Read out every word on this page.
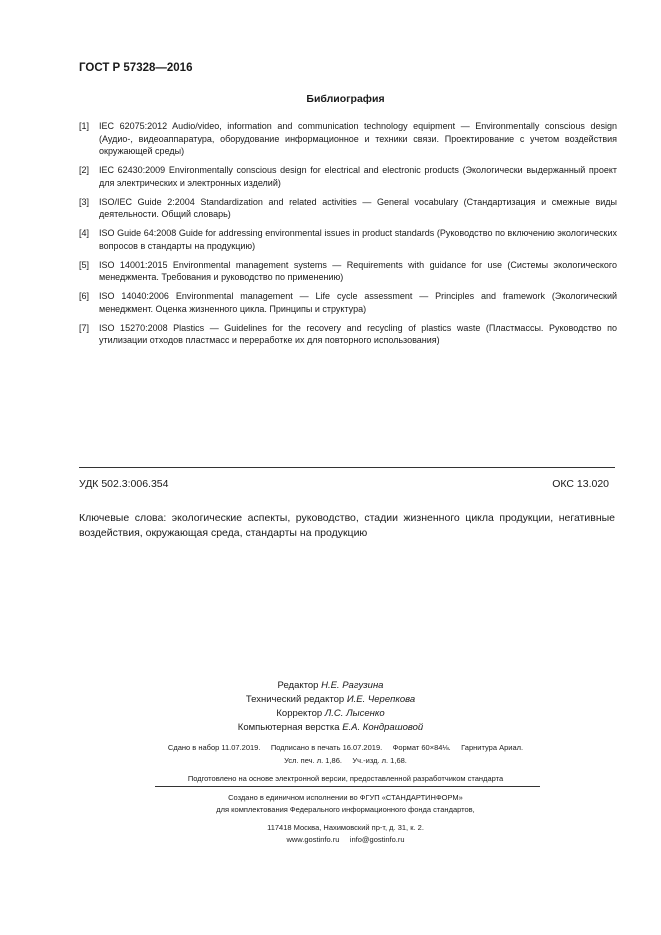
ГОСТ Р 57328—2016
Библиография
[1]	IEC 62075:2012 Audio/video, information and communication technology equipment — Environmentally conscious design (Аудио-, видеоаппаратура, оборудование информационное и техники связи. Проектирование с учетом воздействия окружающей среды)
[2]	IEC 62430:2009 Environmentally conscious design for electrical and electronic products (Экологически выдержанный проект для электрических и электронных изделий)
[3]	ISO/IEC Guide 2:2004 Standardization and related activities — General vocabulary (Стандартизация и смежные виды деятельности. Общий словарь)
[4]	ISO Guide 64:2008 Guide for addressing environmental issues in product standards (Руководство по включению экологических вопросов в стандарты на продукцию)
[5]	ISO 14001:2015 Environmental management systems — Requirements with guidance for use (Системы экологического менеджмента. Требования и руководство по применению)
[6]	ISO 14040:2006 Environmental management — Life cycle assessment — Principles and framework (Экологический менеджмент. Оценка жизненного цикла. Принципы и структура)
[7]	ISO 15270:2008 Plastics — Guidelines for the recovery and recycling of plastics waste (Пластмассы. Руководство по утилизации отходов пластмасс и переработке их для повторного использования)
УДК 502.3:006.354	ОКС 13.020
Ключевые слова: экологические аспекты, руководство, стадии жизненного цикла продукции, негативные воздействия, окружающая среда, стандарты на продукцию
Редактор Н.Е. Рагузина
Технический редактор И.Е. Черепкова
Корректор Л.С. Лысенко
Компьютерная верстка Е.А. Кондрашовой
Сдано в набор 11.07.2019.     Подписано в печать 16.07.2019.     Формат 60×84⅛.     Гарнитура Ариал.
Усл. печ. л. 1,86.     Уч.-изд. л. 1,68.
Подготовлено на основе электронной версии, предоставленной разработчиком стандарта
Создано в единичном исполнении во ФГУП «СТАНДАРТИНФОРМ»
для комплектования Федерального информационного фонда стандартов,
117418 Москва, Нахимовский пр-т, д. 31, к. 2.
www.gostinfo.ru     info@gostinfo.ru
